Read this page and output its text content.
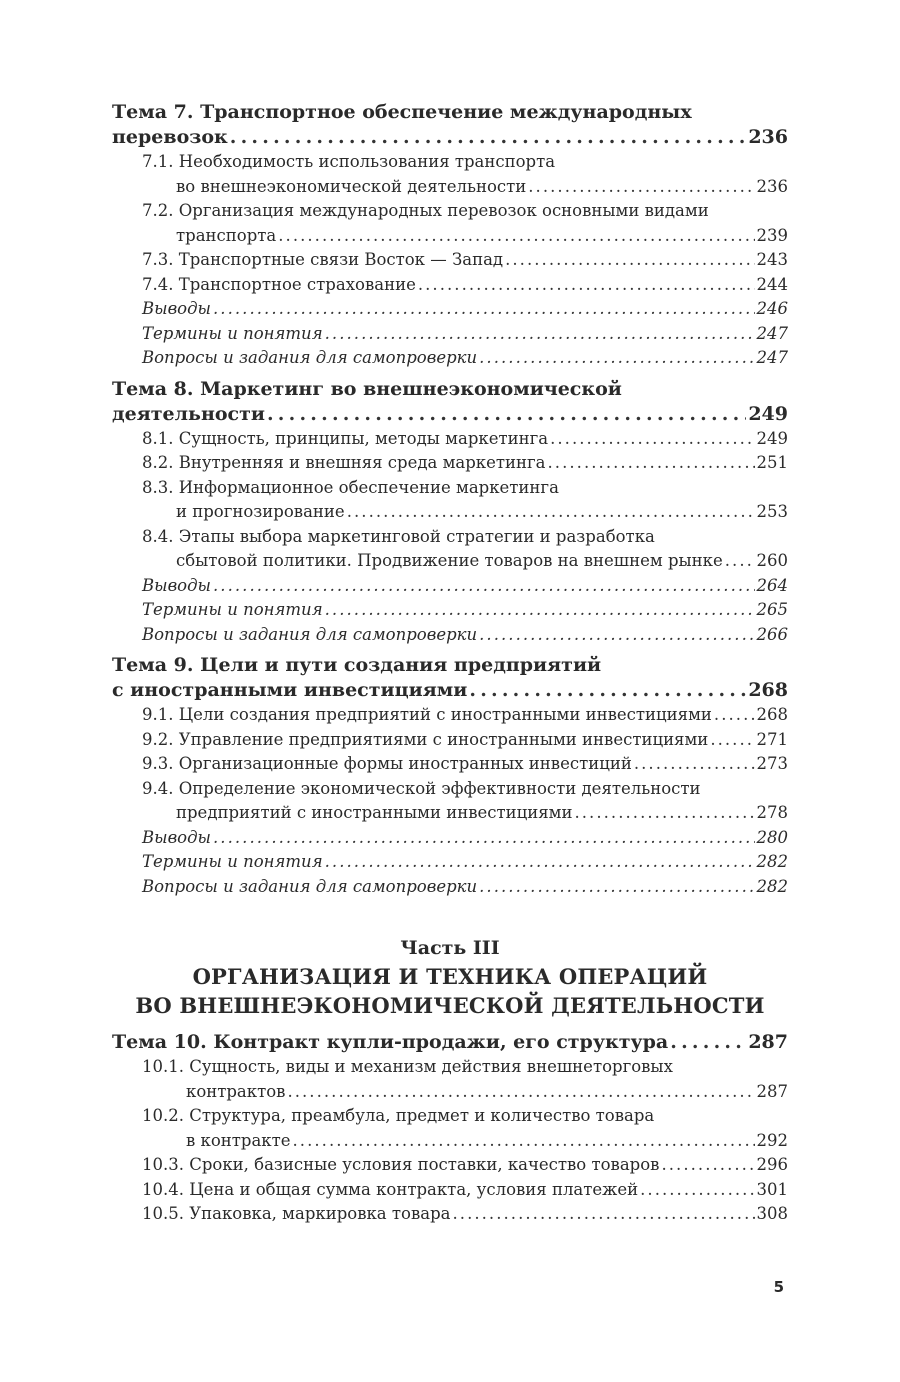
Тема 7. Транспортное обеспечение международных
перевозок . . .	236
7.1. Необходимость использования транспорта
во внешнеэкономической деятельности . . .	236
7.2. Организация международных перевозок основными видами
транспорта . . .	239
7.3. Транспортные связи Восток — Запад . . .	243
7.4. Транспортное страхование . . .	244
Выводы . . .	246
Термины и понятия . . .	247
Вопросы и задания для самопроверки . . .	247
Тема 8. Маркетинг во внешнеэкономической
деятельности . . .	249
8.1. Сущность, принципы, методы маркетинга . . .	249
8.2. Внутренняя и внешняя среда маркетинга . . .	251
8.3. Информационное обеспечение маркетинга
и прогнозирование . . .	253
8.4. Этапы выбора маркетинговой стратегии и разработка
сбытовой политики. Продвижение товаров на внешнем рынке . . . 260
Выводы . . .	264
Термины и понятия . . .	265
Вопросы и задания для самопроверки . . .	266
Тема 9. Цели и пути создания предприятий
с иностранными инвестициями . . .	268
9.1. Цели создания предприятий с иностранными инвестициями . . .	268
9.2. Управление предприятиями с иностранными инвестициями . . .	271
9.3. Организационные формы иностранных инвестиций . . .	273
9.4. Определение экономической эффективности деятельности
предприятий с иностранными инвестициями . . .	278
Выводы . . .	280
Термины и понятия . . .	282
Вопросы и задания для самопроверки . . .	282
Часть III
ОРГАНИЗАЦИЯ И ТЕХНИКА ОПЕРАЦИЙ
ВО ВНЕШНЕЭКОНОМИЧЕСКОЙ ДЕЯТЕЛЬНОСТИ
Тема 10. Контракт купли-продажи, его структура . . .	287
10.1. Сущность, виды и механизм действия внешнеторговых
контрактов . . .	287
10.2. Структура, преамбула, предмет и количество товара
в контракте . . .	292
10.3. Сроки, базисные условия поставки, качество товаров . . .	296
10.4. Цена и общая сумма контракта, условия платежей . . .	301
10.5. Упаковка, маркировка товара . . .	308
5
